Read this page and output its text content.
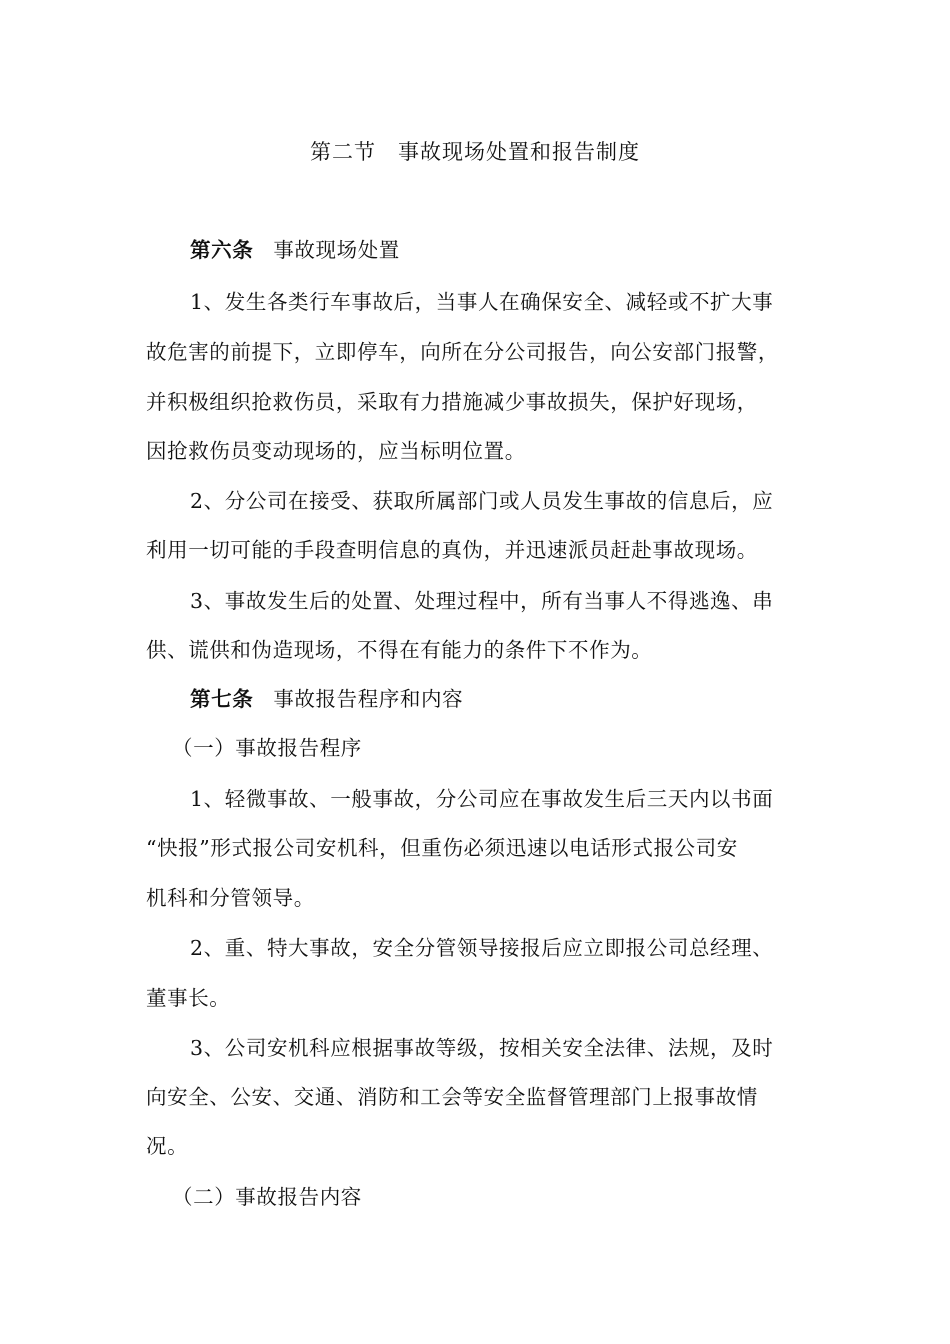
第二节 事故现场处置和报告制度
第六条 事故现场处置
1、发生各类行车事故后，当事人在确保安全、减轻或不扩大事
故危害的前提下，立即停车，向所在分公司报告，向公安部门报警，
并积极组织抢救伤员，采取有力措施减少事故损失，保护好现场，
因抢救伤员变动现场的，应当标明位置。
2、分公司在接受、获取所属部门或人员发生事故的信息后，应
利用一切可能的手段查明信息的真伪，并迅速派员赶赴事故现场。
3、事故发生后的处置、处理过程中，所有当事人不得逃逸、串
供、谎供和伪造现场，不得在有能力的条件下不作为。
第七条 事故报告程序和内容
（一）事故报告程序
1、轻微事故、一般事故，分公司应在事故发生后三天内以书面
“快报”形式报公司安机科，但重伤必须迅速以电话形式报公司安
机科和分管领导。
2、重、特大事故，安全分管领导接报后应立即报公司总经理、
董事长。
3、公司安机科应根据事故等级，按相关安全法律、法规，及时
向安全、公安、交通、消防和工会等安全监督管理部门上报事故情
况。
（二）事故报告内容
